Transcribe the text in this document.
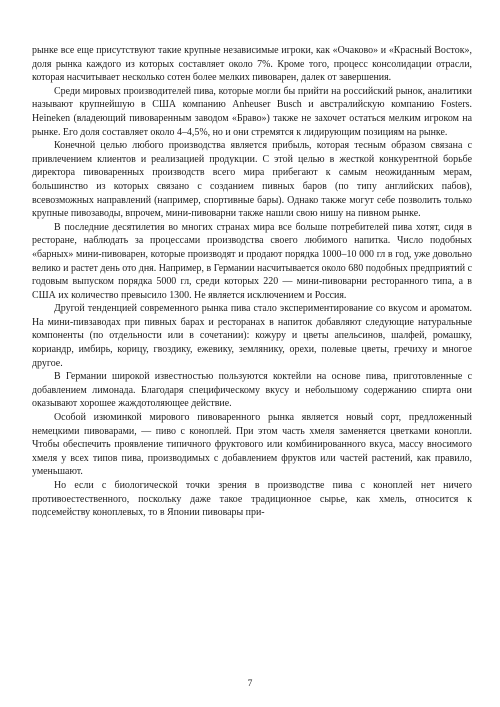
рынке все еще присутствуют такие крупные независимые игроки, как «Очаково» и «Красный Восток», доля рынка каждого из которых составляет около 7%. Кроме того, процесс консолидации отрасли, которая насчитывает несколько сотен более мелких пивоварен, далек от завершения.

Среди мировых производителей пива, которые могли бы прийти на российский рынок, аналитики называют крупнейшую в США компанию Anheuser Busch и австралийскую компанию Fosters. Heineken (владеющий пивоваренным заводом «Браво») также не захочет остаться мелким игроком на рынке. Его доля составляет около 4–4,5%, но и они стремятся к лидирующим позициям на рынке.

Конечной целью любого производства является прибыль, которая тесным образом связана с привлечением клиентов и реализацией продукции. С этой целью в жесткой конкурентной борьбе директора пивоваренных производств всего мира прибегают к самым неожиданным мерам, большинство из которых связано с созданием пивных баров (по типу английских пабов), всевозможных направлений (например, спортивные бары). Однако также могут себе позволить только крупные пивозаводы, впрочем, мини-пивоварни также нашли свою нишу на пивном рынке.

В последние десятилетия во многих странах мира все больше потребителей пива хотят, сидя в ресторане, наблюдать за процессами производства своего любимого напитка. Число подобных «барных» мини-пивоварен, которые производят и продают порядка 1000–10 000 гл в год, уже довольно велико и растет день ото дня. Например, в Германии насчитывается около 680 подобных предприятий с годовым выпуском порядка 5000 гл, среди которых 220 — мини-пивоварни ресторанного типа, а в США их количество превысило 1300. Не является исключением и Россия.

Другой тенденцией современного рынка пива стало экспериментирование со вкусом и ароматом. На мини-пивзаводах при пивных барах и ресторанах в напиток добавляют следующие натуральные компоненты (по отдельности или в сочетании): кожуру и цветы апельсинов, шалфей, ромашку, кориандр, имбирь, корицу, гвоздику, ежевику, землянику, орехи, полевые цветы, гречиху и многое другое.

В Германии широкой известностью пользуются коктейли на основе пива, приготовленные с добавлением лимонада. Благодаря специфическому вкусу и небольшому содержанию спирта они оказывают хорошее жаждотоляющее действие.

Особой изюминкой мирового пивоваренного рынка является новый сорт, предложенный немецкими пивоварами, — пиво с коноплей. При этом часть хмеля заменяется цветками конопли. Чтобы обеспечить проявление типичного фруктового или комбинированного вкуса, массу вносимого хмеля у всех типов пива, производимых с добавлением фруктов или частей растений, как правило, уменьшают.

Но если с биологической точки зрения в производстве пива с коноплей нет ничего противоестественного, поскольку даже такое традиционное сырье, как хмель, относится к подсемейству коноплевых, то в Японии пивовары при-

7
